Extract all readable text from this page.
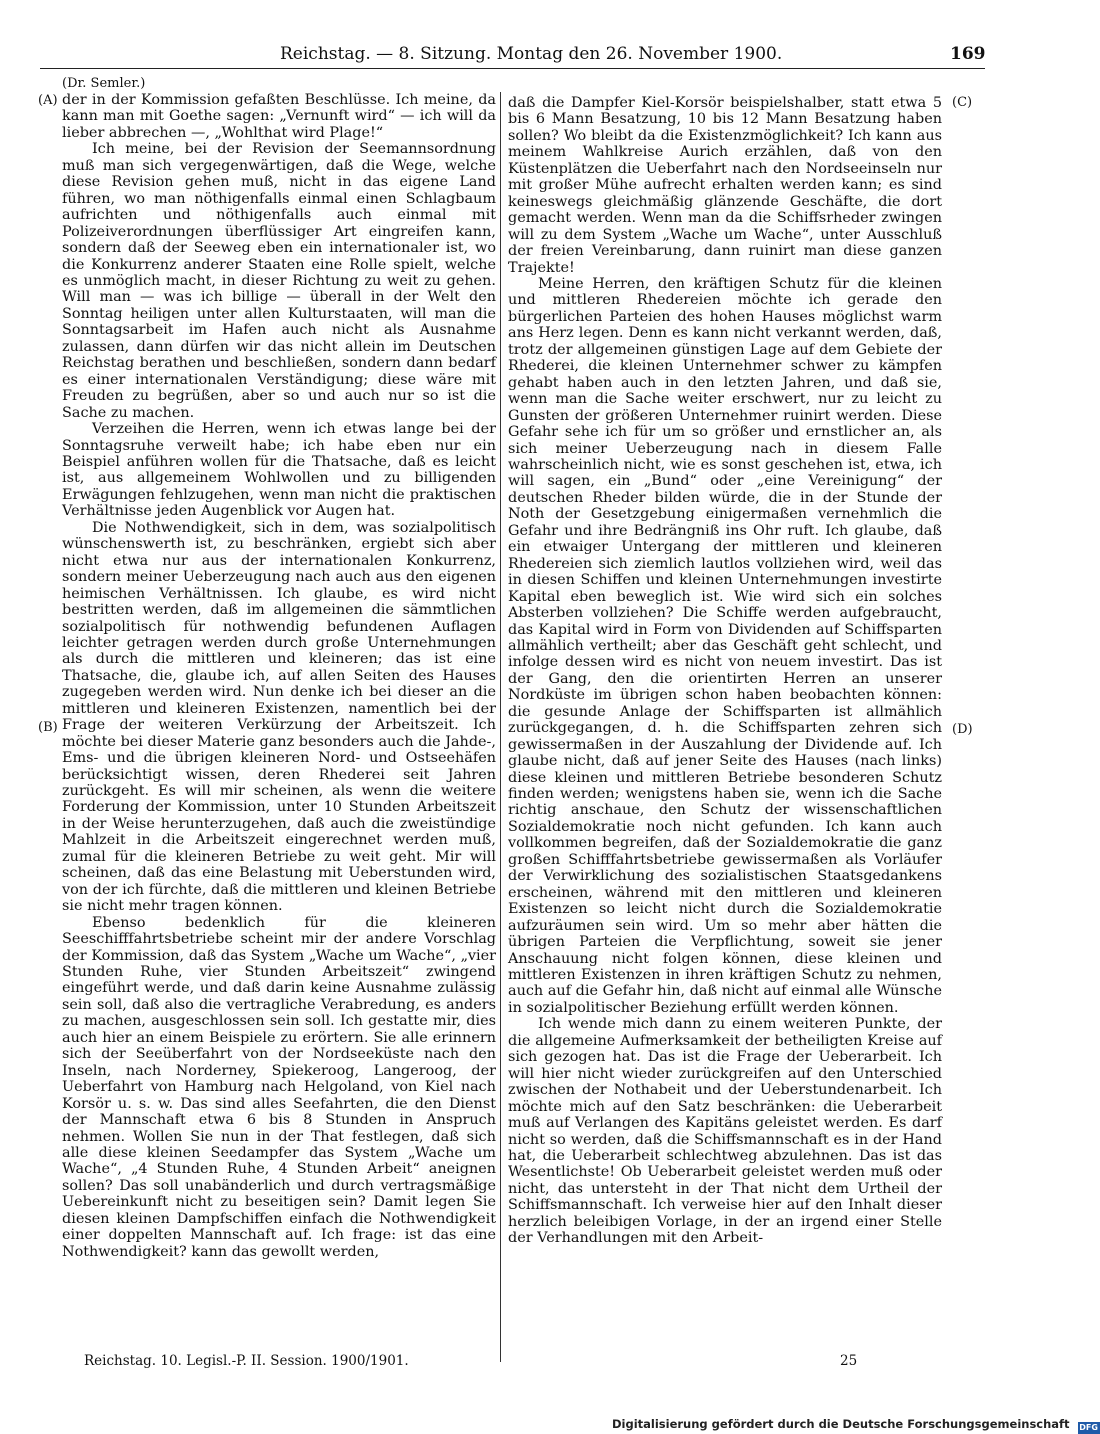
Reichstag. — 8. Sitzung. Montag den 26. November 1900.	169
(Dr. Semler.)
(A)
(B)
(C)
(D)

der in der Kommission gefaßten Beschlüsse. Ich meine, da kann man mit Goethe sagen: „Vernunft wird“ — ich will da lieber abbrechen —, „Wohlthat wird Plage!“

Ich meine, bei der Revision der Seemannsordnung muß man sich vergegenwärtigen, daß die Wege, welche diese Revision gehen muß, nicht in das eigene Land führen, wo man nöthigenfalls einmal einen Schlagbaum aufrichten und nöthigenfalls auch einmal mit Polizeiverordnungen überflüssiger Art eingreifen kann, sondern daß der Seeweg eben ein internationaler ist, wo die Konkurrenz anderer Staaten eine Rolle spielt, welche es unmöglich macht, in dieser Richtung zu weit zu gehen. Will man — was ich billige — überall in der Welt den Sonntag heiligen unter allen Kulturstaaten, will man die Sonntagsarbeit im Hafen auch nicht als Ausnahme zulassen, dann dürfen wir das nicht allein im Deutschen Reichstag berathen und beschließen, sondern dann bedarf es einer internationalen Verständigung; diese wäre mit Freuden zu begrüßen, aber so und auch nur so ist die Sache zu machen.

Verzeihen die Herren, wenn ich etwas lange bei der Sonntagsruhe verweilt habe; ich habe eben nur ein Beispiel anführen wollen für die Thatsache, daß es leicht ist, aus allgemeinem Wohlwollen und zu billigenden Erwägungen fehlzugehen, wenn man nicht die praktischen Verhältnisse jeden Augenblick vor Augen hat.

Die Nothwendigkeit, sich in dem, was sozialpolitisch wünschenswerth ist, zu beschränken, ergiebt sich aber nicht etwa nur aus der internationalen Konkurrenz, sondern meiner Ueberzeugung nach auch aus den eigenen heimischen Verhältnissen. Ich glaube, es wird nicht bestritten werden, daß im allgemeinen die sämmtlichen sozialpolitisch für nothwendig befundenen Auflagen leichter getragen werden durch große Unternehmungen als durch die mittleren und kleineren; das ist eine Thatsache, die, glaube ich, auf allen Seiten des Hauses zugegeben werden wird. Nun denke ich bei dieser an die mittleren und kleineren Existenzen, namentlich bei der Frage der weiteren Verkürzung der Arbeitszeit. Ich möchte bei dieser Materie ganz besonders auch die Jahde-, Ems- und die übrigen kleineren Nord- und Ostseehäfen berücksichtigt wissen, deren Rhederei seit Jahren zurückgeht. Es will mir scheinen, als wenn die weitere Forderung der Kommission, unter 10 Stunden Arbeitszeit in der Weise herunterzugehen, daß auch die zweistündige Mahlzeit in die Arbeitszeit eingerechnet werden muß, zumal für die kleineren Betriebe zu weit geht. Mir will scheinen, daß das eine Belastung mit Ueberstunden wird, von der ich fürchte, daß die mittleren und kleinen Betriebe sie nicht mehr tragen können.

Ebenso bedenklich für die kleineren Seeschifffahrtsbetriebe scheint mir der andere Vorschlag der Kommission, daß das System „Wache um Wache“, „vier Stunden Ruhe, vier Stunden Arbeitszeit“ zwingend eingeführt werde, und daß darin keine Ausnahme zulässig sein soll, daß also die vertragliche Verabredung, es anders zu machen, ausgeschlossen sein soll. Ich gestatte mir, dies auch hier an einem Beispiele zu erörtern. Sie alle erinnern sich der Seeüberfahrt von der Nordseeküste nach den Inseln, nach Norderney, Spiekeroog, Langeroog, der Ueberfahrt von Hamburg nach Helgoland, von Kiel nach Korsör u. s. w. Das sind alles Seefahrten, die den Dienst der Mannschaft etwa 6 bis 8 Stunden in Anspruch nehmen. Wollen Sie nun in der That festlegen, daß sich alle diese kleinen Seedampfer das System „Wache um Wache“, „4 Stunden Ruhe, 4 Stunden Arbeit“ aneignen sollen? Das soll unabänderlich und durch vertragsmäßige Uebereinkunft nicht zu beseitigen sein? Damit legen Sie diesen kleinen Dampfschiffen einfach die Nothwendigkeit einer doppelten Mannschaft auf. Ich frage: ist das eine Nothwendigkeit? kann das gewollt werden,

daß die Dampfer Kiel-Korsör beispielshalber, statt etwa 5 bis 6 Mann Besatzung, 10 bis 12 Mann Besatzung haben sollen? Wo bleibt da die Existenzmöglichkeit? Ich kann aus meinem Wahlkreise Aurich erzählen, daß von den Küstenplätzen die Ueberfahrt nach den Nordseeinseln nur mit großer Mühe aufrecht erhalten werden kann; es sind keineswegs gleichmäßig glänzende Geschäfte, die dort gemacht werden. Wenn man da die Schiffsrheder zwingen will zu dem System „Wache um Wache“, unter Ausschluß der freien Vereinbarung, dann ruinirt man diese ganzen Trajekte!

Meine Herren, den kräftigen Schutz für die kleinen und mittleren Rhedereien möchte ich gerade den bürgerlichen Parteien des hohen Hauses möglichst warm ans Herz legen. Denn es kann nicht verkannt werden, daß, trotz der allgemeinen günstigen Lage auf dem Gebiete der Rhederei, die kleinen Unternehmer schwer zu kämpfen gehabt haben auch in den letzten Jahren, und daß sie, wenn man die Sache weiter erschwert, nur zu leicht zu Gunsten der größeren Unternehmer ruinirt werden. Diese Gefahr sehe ich für um so größer und ernstlicher an, als sich meiner Ueberzeugung nach in diesem Falle wahrscheinlich nicht, wie es sonst geschehen ist, etwa, ich will sagen, ein „Bund“ oder „eine Vereinigung“ der deutschen Rheder bilden würde, die in der Stunde der Noth der Gesetzgebung einigermaßen vernehmlich die Gefahr und ihre Bedrängniß ins Ohr ruft. Ich glaube, daß ein etwaiger Untergang der mittleren und kleineren Rhedereien sich ziemlich lautlos vollziehen wird, weil das in diesen Schiffen und kleinen Unternehmungen investirte Kapital eben beweglich ist. Wie wird sich ein solches Absterben vollziehen? Die Schiffe werden aufgebraucht, das Kapital wird in Form von Dividenden auf Schiffsparten allmählich vertheilt; aber das Geschäft geht schlecht, und infolge dessen wird es nicht von neuem investirt. Das ist der Gang, den die orientirten Herren an unserer Nordküste im übrigen schon haben beobachten können: die gesunde Anlage der Schiffsparten ist allmählich zurückgegangen, d. h. die Schiffsparten zehren sich gewissermaßen in der Auszahlung der Dividende auf. Ich glaube nicht, daß auf jener Seite des Hauses (nach links) diese kleinen und mittleren Betriebe besonderen Schutz finden werden; wenigstens haben sie, wenn ich die Sache richtig anschaue, den Schutz der wissenschaftlichen Sozialdemokratie noch nicht gefunden. Ich kann auch vollkommen begreifen, daß der Sozialdemokratie die ganz großen Schifffahrtsbetriebe gewissermaßen als Vorläufer der Verwirklichung des sozialistischen Staatsgedankens erscheinen, während mit den mittleren und kleineren Existenzen so leicht nicht durch die Sozialdemokratie aufzuräumen sein wird. Um so mehr aber hätten die übrigen Parteien die Verpflichtung, soweit sie jener Anschauung nicht folgen können, diese kleinen und mittleren Existenzen in ihren kräftigen Schutz zu nehmen, auch auf die Gefahr hin, daß nicht auf einmal alle Wünsche in sozialpolitischer Beziehung erfüllt werden können.

Ich wende mich dann zu einem weiteren Punkte, der die allgemeine Aufmerksamkeit der betheiligten Kreise auf sich gezogen hat. Das ist die Frage der Ueberarbeit. Ich will hier nicht wieder zurückgreifen auf den Unterschied zwischen der Nothabeit und der Ueberstundenarbeit. Ich möchte mich auf den Satz beschränken: die Ueberarbeit muß auf Verlangen des Kapitäns geleistet werden. Es darf nicht so werden, daß die Schiffsmannschaft es in der Hand hat, die Ueberarbeit schlechtweg abzulehnen. Das ist das Wesentlichste! Ob Ueberarbeit geleistet werden muß oder nicht, das untersteht in der That nicht dem Urtheil der Schiffsmannschaft. Ich verweise hier auf den Inhalt dieser herzlich beleibigen Vorlage, in der an irgend einer Stelle der Verhandlungen mit den Arbeit-

Reichstag. 10. Legisl.-P. II. Session. 1900/1901.	25
Digitalisierung gefördert durch die Deutsche Forschungsgemeinschaft DFG
